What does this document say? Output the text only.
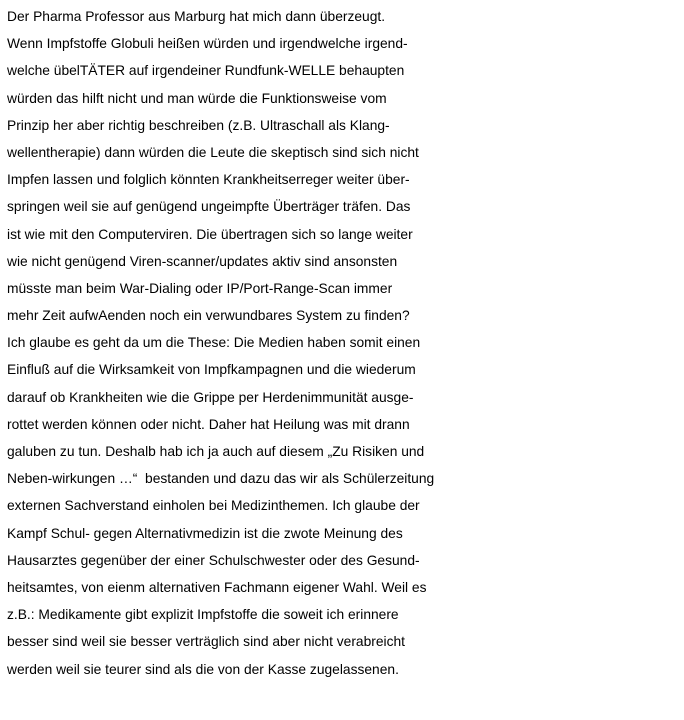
Der Pharma Professor aus Marburg hat mich dann überzeugt.
Wenn Impfstoffe Globuli heißen würden und irgendwelche irgend-
welche übelTÄTER auf irgendeiner Rundfunk-WELLE behaupten
würden das hilft nicht und man würde die Funktionsweise vom
Prinzip her aber richtig beschreiben (z.B. Ultraschall als Klang-
wellentherapie) dann würden die Leute die skeptisch sind sich nicht
Impfen lassen und folglich könnten Krankheitserreger weiter über-
springen weil sie auf genügend ungeimpfte Überträger träfen. Das
ist wie mit den Computerviren. Die übertragen sich so lange weiter
wie nicht genügend Viren-scanner/updates aktiv sind ansonsten
müsste man beim War-Dialing oder IP/Port-Range-Scan immer
mehr Zeit aufwAenden noch ein verwundbares System zu finden?
Ich glaube es geht da um die These: Die Medien haben somit einen
Einfluß auf die Wirksamkeit von Impfkampagnen und die wiederum
darauf ob Krankheiten wie die Grippe per Herdenimmunität ausge-
rottet werden können oder nicht. Daher hat Heilung was mit drann
galuben zu tun. Deshalb hab ich ja auch auf diesem „Zu Risiken und
Neben-wirkungen …“  bestanden und dazu das wir als Schülerzeitung
externen Sachverstand einholen bei Medizinthemen. Ich glaube der
Kampf Schul- gegen Alternativmedizin ist die zwote Meinung des
Hausarztes gegenüber der einer Schulschwester oder des Gesund-
heitsamtes, von eienm alternativen Fachmann eigener Wahl. Weil es
z.B.: Medikamente gibt explizit Impfstoffe die soweit ich erinnere
besser sind weil sie besser verträglich sind aber nicht verabreicht
werden weil sie teurer sind als die von der Kasse zugelassenen.
